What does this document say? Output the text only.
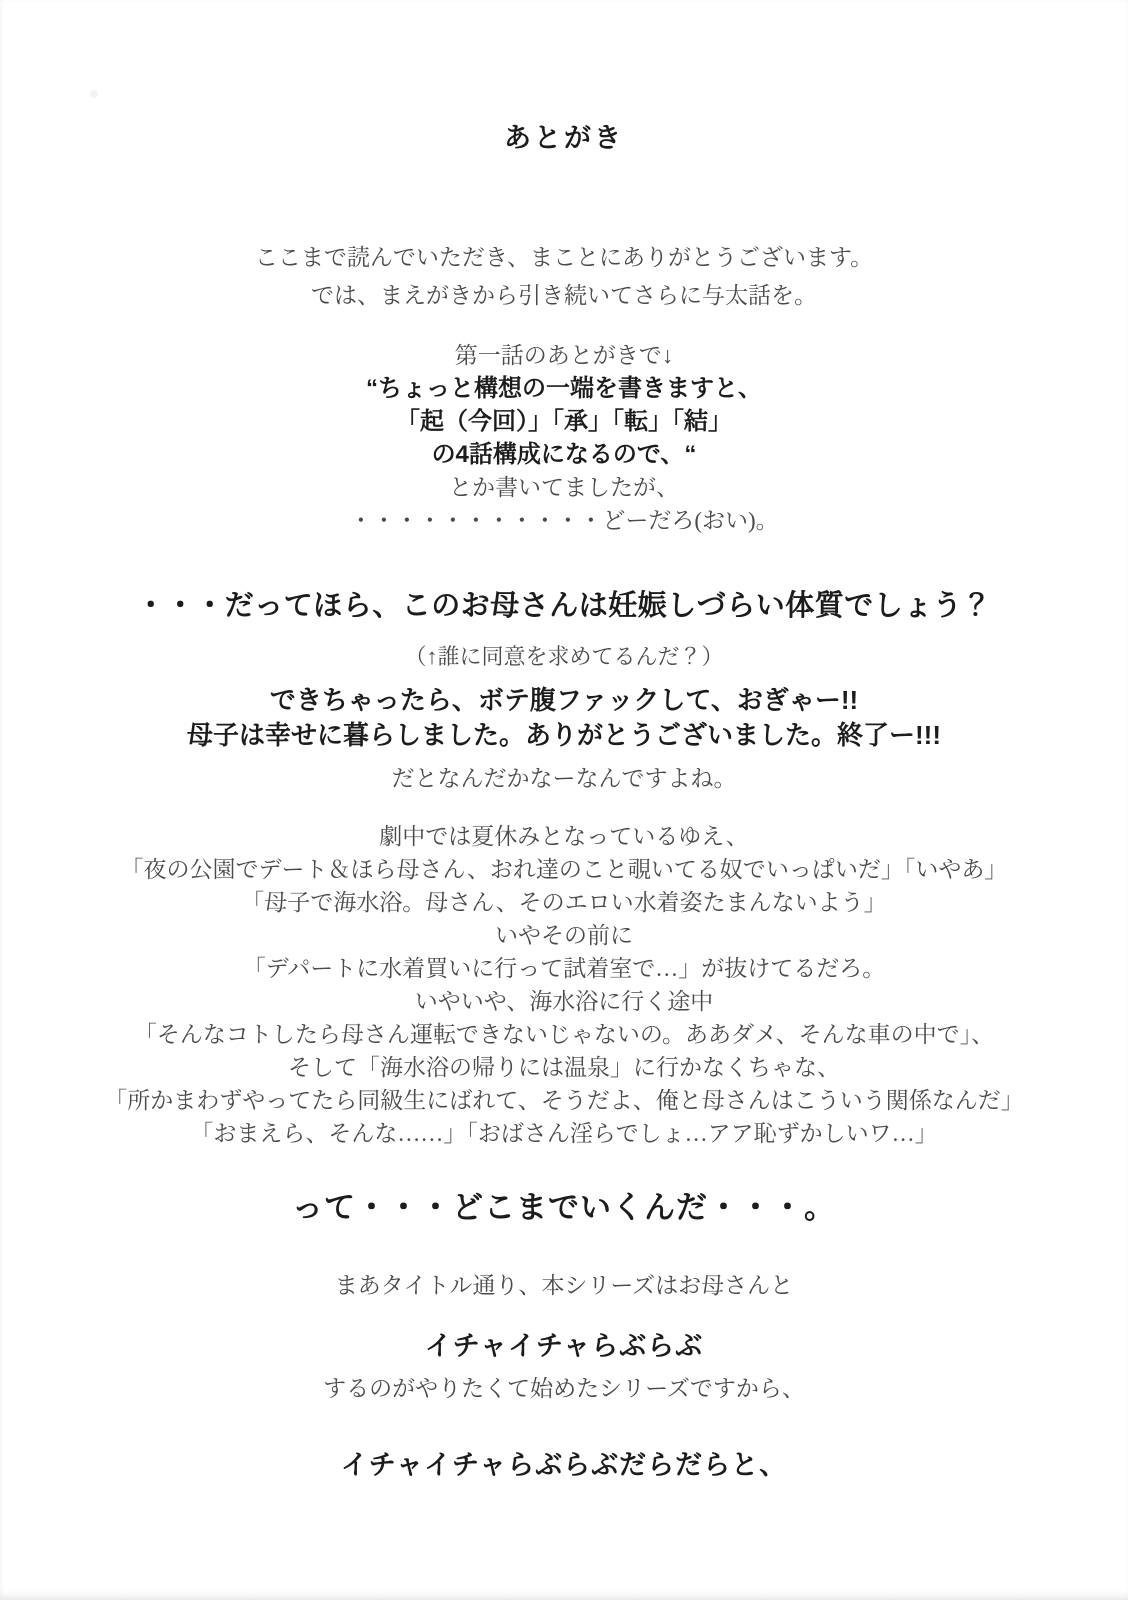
あとがき
ここまで読んでいただき、まことにありがとうございます。
では、まえがきから引き続いてさらに与太話を。
第一話のあとがきで↓
“ちょっと構想の一端を書きますと、
「起（今回）」「承」「転」「結」
の4話構成になるので、“
とか書いてましたが、
・・・・・・・・・・・どーだろ(おい)。
・・・だってほら、このお母さんは妊娠しづらい体質でしょう？
（↑誰に同意を求めてるんだ？）
できちゃったら、ボテ腹ファックして、おぎゃー!!
母子は幸せに暮らしました。ありがとうございました。終了ー!!!
だとなんだかなーなんですよね。
劇中では夏休みとなっているゆえ、
「夜の公園でデート＆ほら母さん、おれ達のこと覗いてる奴でいっぱいだ」「いやあ」
「母子で海水浴。母さん、そのエロい水着姿たまんないよう」
いやその前に
「デパートに水着買いに行って試着室で…」が抜けてるだろ。
いやいや、海水浴に行く途中
「そんなコトしたら母さん運転できないじゃないの。ああダメ、そんな車の中で」、
そして「海水浴の帰りには温泉」に行かなくちゃな、
「所かまわずやってたら同級生にばれて、そうだよ、俺と母さんはこういう関係なんだ」
「おまえら、そんな……」「おばさん淫らでしょ…アア恥ずかしいワ…」
って・・・どこまでいくんだ・・・。
まあタイトル通り、本シリーズはお母さんと
イチャイチャらぶらぶ
するのがやりたくて始めたシリーズですから、
イチャイチャらぶらぶだらだらと、
